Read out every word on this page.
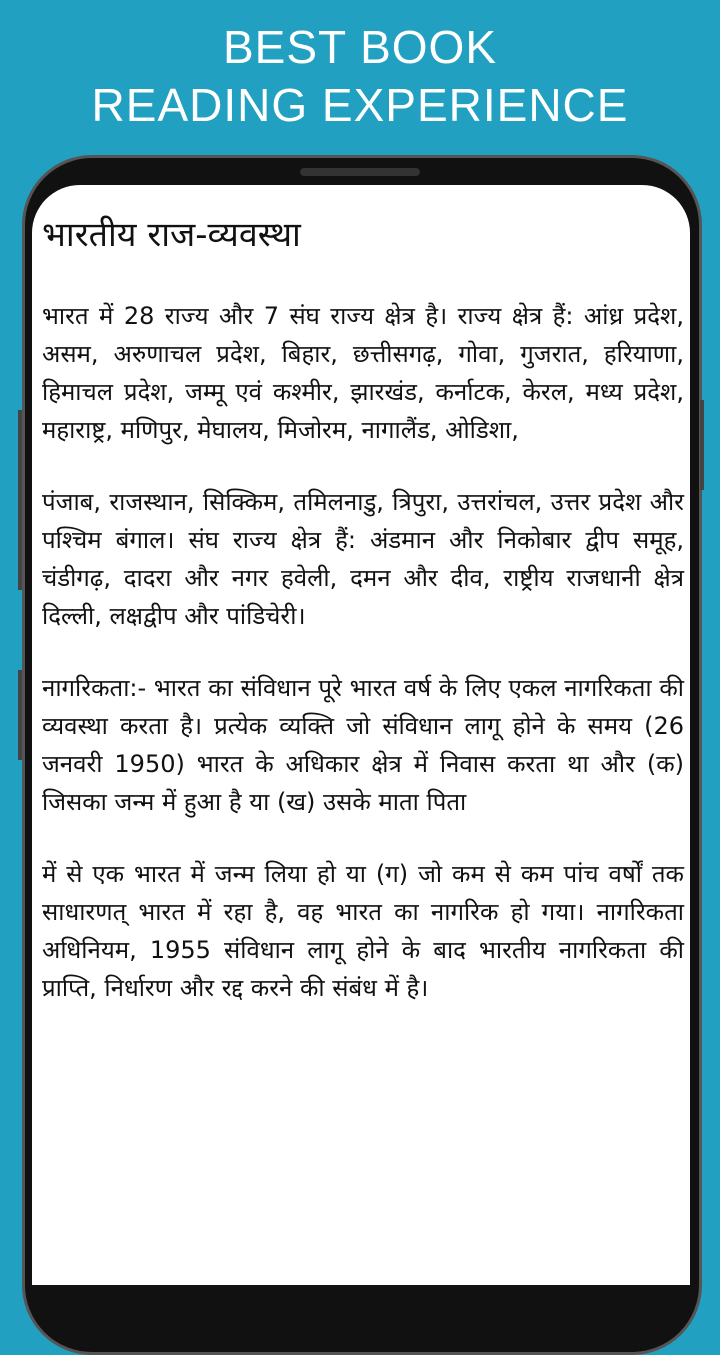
BEST BOOK
READING EXPERIENCE
भारतीय राज-व्यवस्था

भारत में 28 राज्य और 7 संघ राज्य क्षेत्र है। राज्य क्षेत्र हैं: आंध्र प्रदेश, असम, अरुणाचल प्रदेश, बिहार, छत्तीसगढ़, गोवा, गुजरात, हरियाणा, हिमाचल प्रदेश, जम्मू एवं कश्मीर, झारखंड, कर्नाटक, केरल, मध्य प्रदेश, महाराष्ट्र, मणिपुर, मेघालय, मिजोरम, नागालैंड, ओडिशा,

पंजाब, राजस्थान, सिक्किम, तमिलनाडु, त्रिपुरा, उत्तरांचल, उत्तर प्रदेश और पश्चिम बंगाल। संघ राज्य क्षेत्र हैं: अंडमान और निकोबार द्वीप समूह, चंडीगढ़, दादरा और नगर हवेली, दमन और दीव, राष्ट्रीय राजधानी क्षेत्र दिल्ली, लक्षद्वीप और पांडिचेरी।

नागरिकता:- भारत का संविधान पूरे भारत वर्ष के लिए एकल नागरिकता की व्यवस्था करता है। प्रत्येक व्यक्ति जो संविधान लागू होने के समय (26 जनवरी 1950) भारत के अधिकार क्षेत्र में निवास करता था और (क) जिसका जन्म में हुआ है या (ख) उसके माता पिता

में से एक भारत में जन्म लिया हो या (ग) जो कम से कम पांच वर्षों तक साधारणत् भारत में रहा है, वह भारत का नागरिक हो गया। नागरिकता अधिनियम, 1955 संविधान लागू होने के बाद भारतीय नागरिकता की प्राप्ति, निर्धारण और रद्द करने की संबंध में है।
